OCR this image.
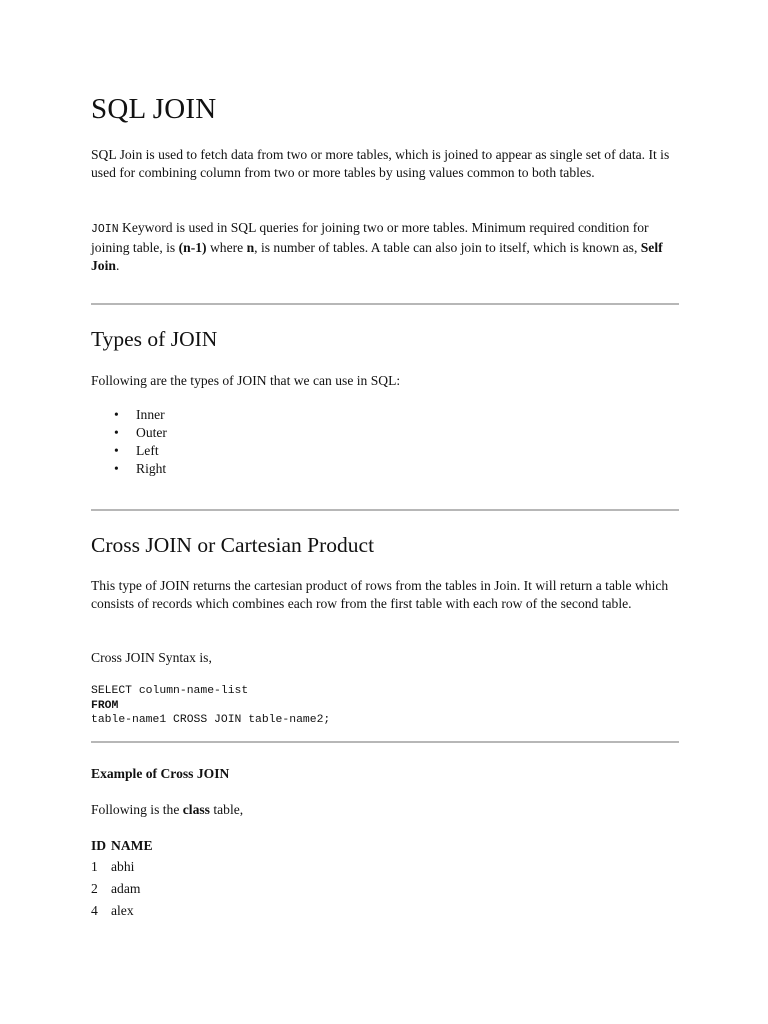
SQL JOIN

SQL Join is used to fetch data from two or more tables, which is joined to appear as single set of data. It is used for combining column from two or more tables by using values common to both tables.

JOIN Keyword is used in SQL queries for joining two or more tables. Minimum required condition for joining table, is (n-1) where n, is number of tables. A table can also join to itself, which is known as, Self Join.

Types of JOIN

Following are the types of JOIN that we can use in SQL:

• Inner
• Outer
• Left
• Right
Cross JOIN or Cartesian Product

This type of JOIN returns the cartesian product of rows from the tables in Join. It will return a table which consists of records which combines each row from the first table with each row of the second table.

Cross JOIN Syntax is,

SELECT column-name-list
FROM
table-name1 CROSS JOIN table-name2;

Example of Cross JOIN

Following is the class table,

ID	NAME
1	abhi
2	adam
4	alex
